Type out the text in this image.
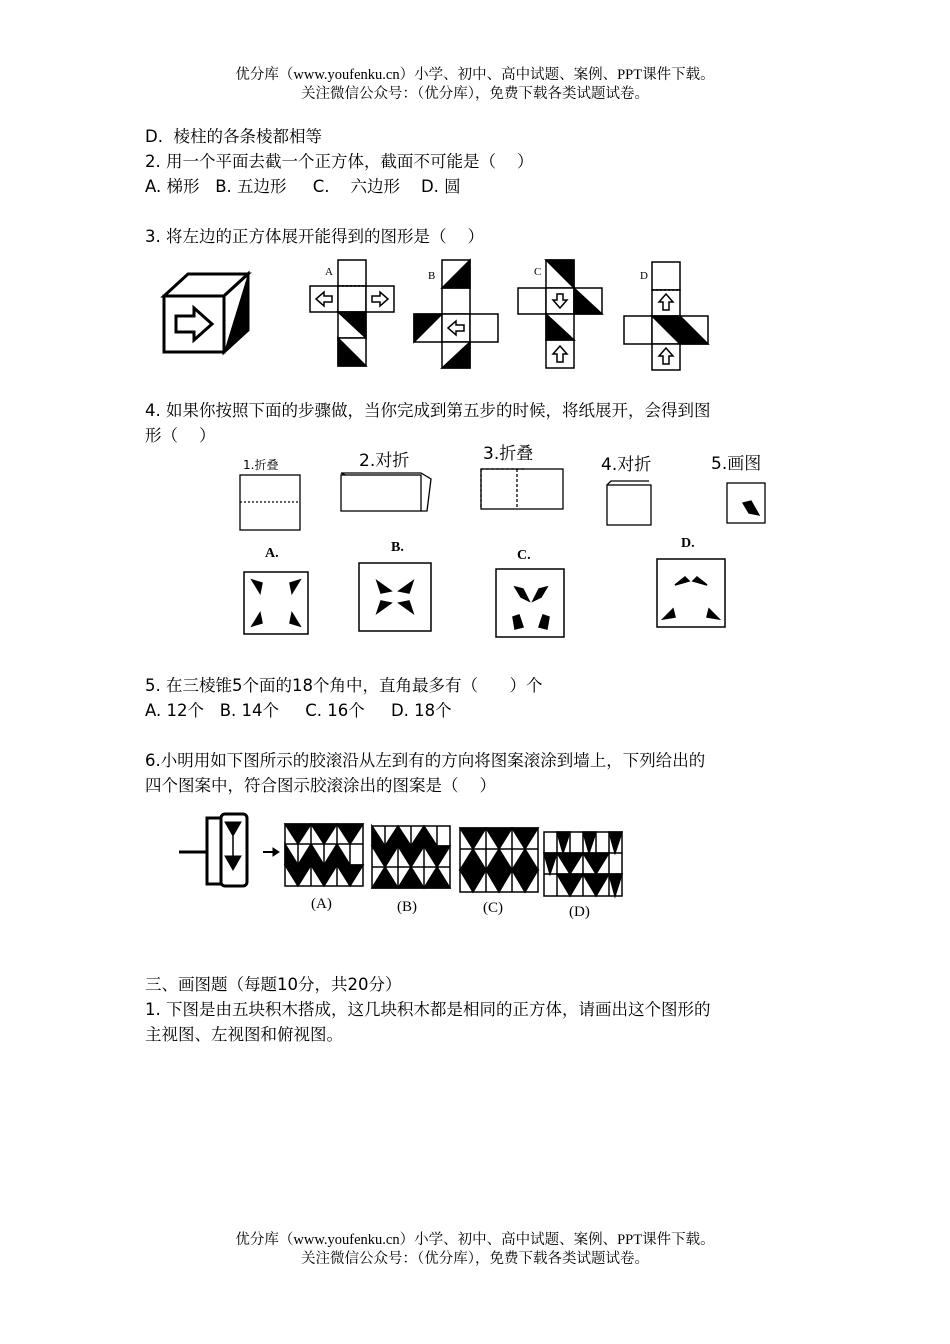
优分库（www.youfenku.cn）小学、初中、高中试题、案例、PPT课件下载。
关注微信公众号：（优分库），免费下载各类试题试卷。
D.  棱柱的各条棱都相等
2. 用一个平面去截一个正方体，截面不可能是（    ）
A. 梯形   B. 五边形     C.    六边形    D. 圆
3. 将左边的正方体展开能得到的图形是（    ）
A	B	C	D
4. 如果你按照下面的步骤做，当你完成到第五步的时候，将纸展开，会得到图
形（    ）
1.折叠	2.对折	3.折叠
4.对折	5.画图
A.	B.
C.
D.
5. 在三棱锥5个面的18个角中，直角最多有（      ）个
A. 12个   B. 14个     C. 16个     D. 18个
6.小明用如下图所示的胶滚沿从左到有的方向将图案滚涂到墙上，下列给出的
四个图案中，符合图示胶滚涂出的图案是（    ）
(A)	(B)	(C)	(D)
三、画图题（每题10分，共20分）
1. 下图是由五块积木搭成，这几块积木都是相同的正方体，请画出这个图形的
主视图、左视图和俯视图。
优分库（www.youfenku.cn）小学、初中、高中试题、案例、PPT课件下载。
关注微信公众号：（优分库），免费下载各类试题试卷。
